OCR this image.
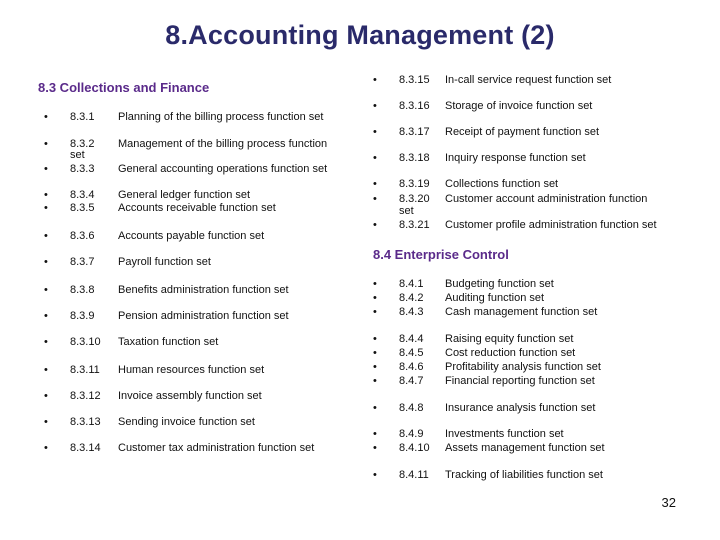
8.Accounting Management (2)
8.3 Collections and Finance
• 8.3.1 Planning of the billing process function set
• 8.3.2 Management of the billing process function
set
• 8.3.3 General accounting operations function set
• 8.3.4 General ledger function set
• 8.3.5 Accounts receivable function set
• 8.3.6 Accounts payable function set
• 8.3.7 Payroll function set
• 8.3.8 Benefits administration function set
• 8.3.9 Pension administration function set
• 8.3.10 Taxation function set
• 8.3.11 Human resources function set
• 8.3.12 Invoice assembly function set
• 8.3.13 Sending invoice function set
• 8.3.14 Customer tax administration function set
• 8.3.15 In-call service request function set
• 8.3.16 Storage of invoice function set
• 8.3.17 Receipt of payment function set
• 8.3.18 Inquiry response function set
• 8.3.19 Collections function set
• 8.3.20 Customer account administration function
set
• 8.3.21 Customer profile administration function set
8.4 Enterprise Control
• 8.4.1 Budgeting function set
• 8.4.2 Auditing function set
• 8.4.3 Cash management function set
• 8.4.4 Raising equity function set
• 8.4.5 Cost reduction function set
• 8.4.6 Profitability analysis function set
• 8.4.7 Financial reporting function set
• 8.4.8 Insurance analysis function set
• 8.4.9 Investments function set
• 8.4.10 Assets management function set
• 8.4.11 Tracking of liabilities function set
32
